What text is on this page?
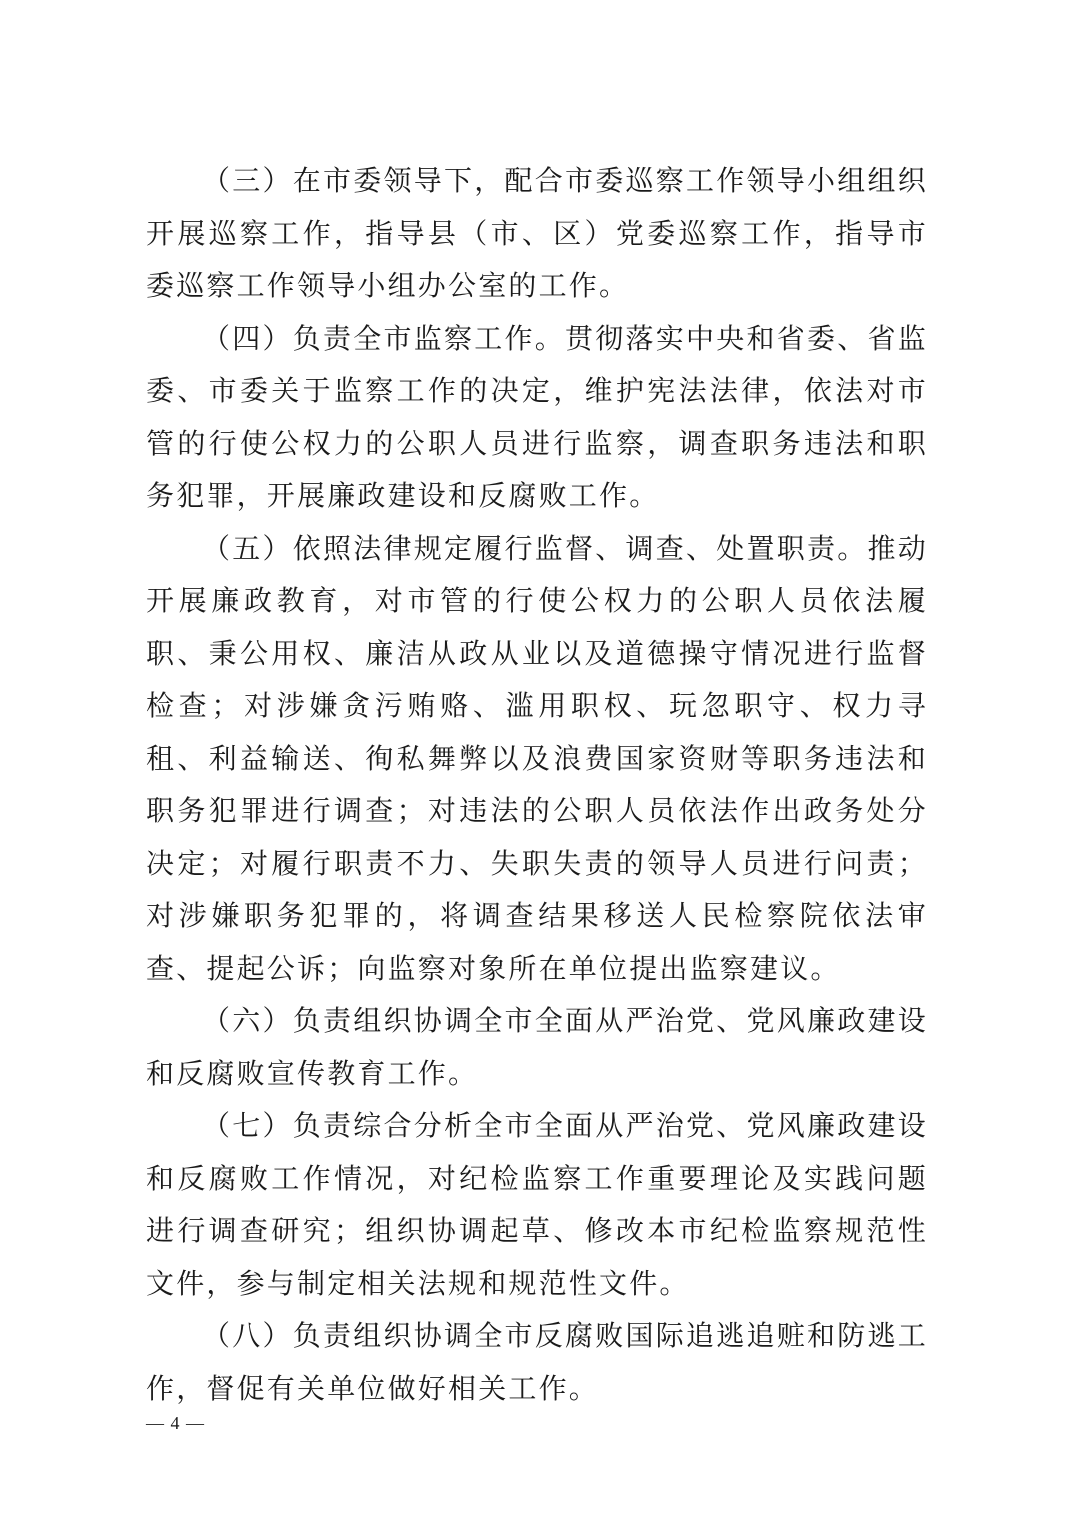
（三）在市委领导下，配合市委巡察工作领导小组组织开展巡察工作，指导县（市、区）党委巡察工作，指导市委巡察工作领导小组办公室的工作。

（四）负责全市监察工作。贯彻落实中央和省委、省监委、市委关于监察工作的决定，维护宪法法律，依法对市管的行使公权力的公职人员进行监察，调查职务违法和职务犯罪，开展廉政建设和反腐败工作。

（五）依照法律规定履行监督、调查、处置职责。推动开展廉政教育，对市管的行使公权力的公职人员依法履职、秉公用权、廉洁从政从业以及道德操守情况进行监督检查；对涉嫌贪污贿赂、滥用职权、玩忽职守、权力寻租、利益输送、徇私舞弊以及浪费国家资财等职务违法和职务犯罪进行调查；对违法的公职人员依法作出政务处分决定；对履行职责不力、失职失责的领导人员进行问责；对涉嫌职务犯罪的，将调查结果移送人民检察院依法审查、提起公诉；向监察对象所在单位提出监察建议。

（六）负责组织协调全市全面从严治党、党风廉政建设和反腐败宣传教育工作。

（七）负责综合分析全市全面从严治党、党风廉政建设和反腐败工作情况，对纪检监察工作重要理论及实践问题进行调查研究；组织协调起草、修改本市纪检监察规范性文件，参与制定相关法规和规范性文件。

（八）负责组织协调全市反腐败国际追逃追赃和防逃工作，督促有关单位做好相关工作。

— 4 —
